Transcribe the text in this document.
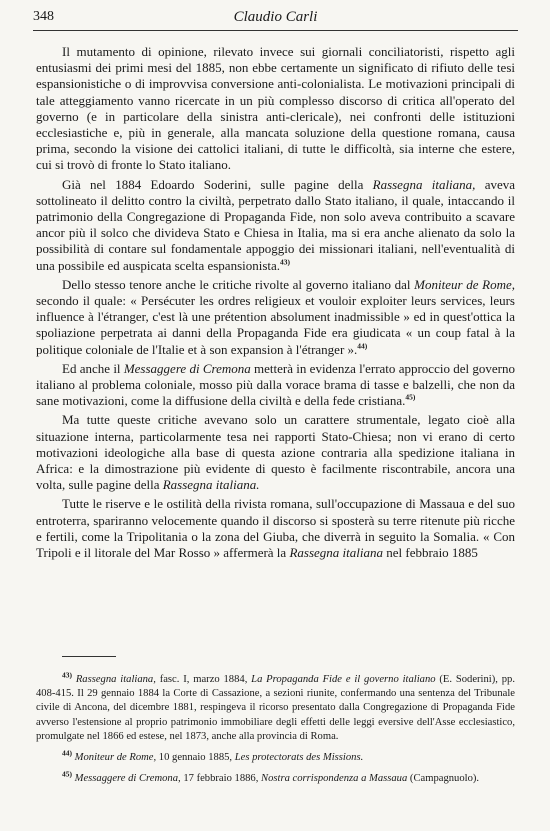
348	Claudio Carli

Il mutamento di opinione, rilevato invece sui giornali conciliatoristi, rispetto agli entusiasmi dei primi mesi del 1885, non ebbe certamente un significato di rifiuto delle tesi espansionistiche o di improvvisa conversione anti-colonialista. Le motivazioni principali di tale atteggiamento vanno ricercate in un più complesso discorso di critica all'operato del governo (e in particolare della sinistra anti-clericale), nei confronti delle istituzioni ecclesiastiche e, più in generale, alla mancata soluzione della questione romana, causa prima, secondo la visione dei cattolici italiani, di tutte le difficoltà, sia interne che estere, cui si trovò di fronte lo Stato italiano.

Già nel 1884 Edoardo Soderini, sulle pagine della Rassegna italiana, aveva sottolineato il delitto contro la civiltà, perpetrato dallo Stato italiano, il quale, intaccando il patrimonio della Congregazione di Propaganda Fide, non solo aveva contribuito a scavare ancor più il solco che divideva Stato e Chiesa in Italia, ma si era anche alienato da solo la possibilità di contare sul fondamentale appoggio dei missionari italiani, nell'eventualità di una possibile ed auspicata scelta espansionista.$^{43)}$

Dello stesso tenore anche le critiche rivolte al governo italiano dal Moniteur de Rome, secondo il quale: « Persécuter les ordres religieux et vouloir exploiter leurs services, leurs influence à l'étranger, c'est là une prétention absolument inadmissible » ed in quest'ottica la spoliazione perpetrata ai danni della Propaganda Fide era giudicata « un coup fatal à la politique coloniale de l'Italie et à son expansion à l'étranger ».$^{44)}$

Ed anche il Messaggere di Cremona metterà in evidenza l'errato approccio del governo italiano al problema coloniale, mosso più dalla vorace brama di tasse e balzelli, che non da sane motivazioni, come la diffusione della civiltà e della fede cristiana.$^{45)}$

Ma tutte queste critiche avevano solo un carattere strumentale, legato cioè alla situazione interna, particolarmente tesa nei rapporti Stato-Chiesa; non vi erano di certo motivazioni ideologiche alla base di questa azione contraria alla spedizione italiana in Africa: e la dimostrazione più evidente di questo è facilmente riscontrabile, ancora una volta, sulle pagine della Rassegna italiana.

Tutte le riserve e le ostilità della rivista romana, sull'occupazione di Massaua e del suo entroterra, spariranno velocemente quando il discorso si sposterà su terre ritenute più ricche e fertili, come la Tripolitania o la zona del Giuba, che diverrà in seguito la Somalia. « Con Tripoli e il litorale del Mar Rosso » affermerà la Rassegna italiana nel febbraio 1885

$^{43)}$ Rassegna italiana, fasc. I, marzo 1884, La Propaganda Fide e il governo italiano (E. Soderini), pp. 408-415. Il 29 gennaio 1884 la Corte di Cassazione, a sezioni riunite, confermando una sentenza del Tribunale civile di Ancona, del dicembre 1881, respingeva il ricorso presentato dalla Congregazione di Propaganda Fide avverso l'estensione al proprio patrimonio immobiliare degli effetti delle leggi eversive dell'Asse ecclesiastico, promulgate nel 1866 ed estese, nel 1873, anche alla provincia di Roma.

$^{44)}$ Moniteur de Rome, 10 gennaio 1885, Les protectorats des Missions.

$^{45)}$ Messaggere di Cremona, 17 febbraio 1886, Nostra corrispondenza a Massaua (Campagnuolo).
